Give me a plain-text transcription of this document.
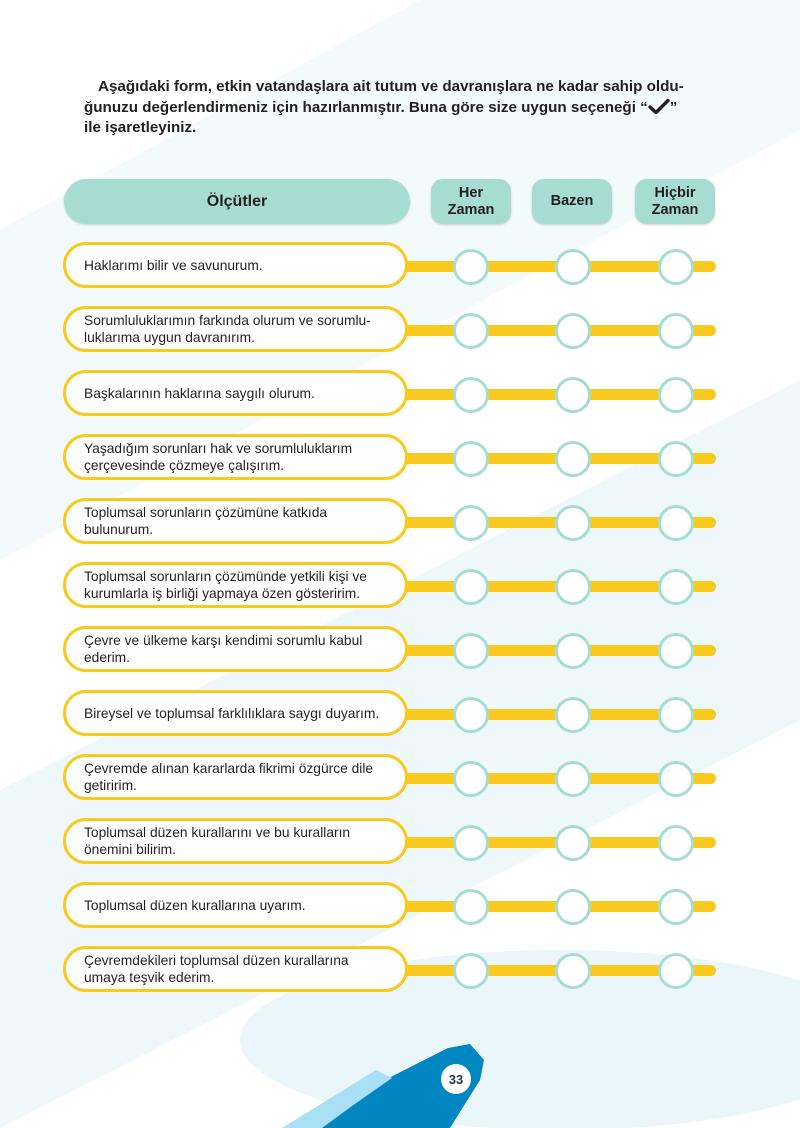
Aşağıdaki form, etkin vatandaşlara ait tutum ve davranışlara ne kadar sahip oldu-
ğunuzu değerlendirmeniz için hazırlanmıştır. Buna göre size uygun seçeneği “ ”
ile işaretleyiniz.

Ölçütler	Her
Zaman
Bazen
Hiçbir
Zaman
Haklarımı bilir ve savunurum.
Sorumluluklarımın farkında olurum ve sorumlu-
luklarıma uygun davranırım.
Başkalarının haklarına saygılı olurum.
Yaşadığım sorunları hak ve sorumluluklarım
çerçevesinde çözmeye çalışırım.
Toplumsal sorunların çözümüne katkıda
bulunurum.
Toplumsal sorunların çözümünde yetkili kişi ve
kurumlarla iş birliği yapmaya özen gösteririm.
Çevre ve ülkeme karşı kendimi sorumlu kabul
ederim.
Bireysel ve toplumsal farklılıklara saygı duyarım.
Çevremde alınan kararlarda fikrimi özgürce dile
getiririm.
Toplumsal düzen kurallarını ve bu kuralların
önemini bilirim.
Toplumsal düzen kurallarına uyarım.
Çevremdekileri toplumsal düzen kurallarına
umaya teşvik ederim.
33
